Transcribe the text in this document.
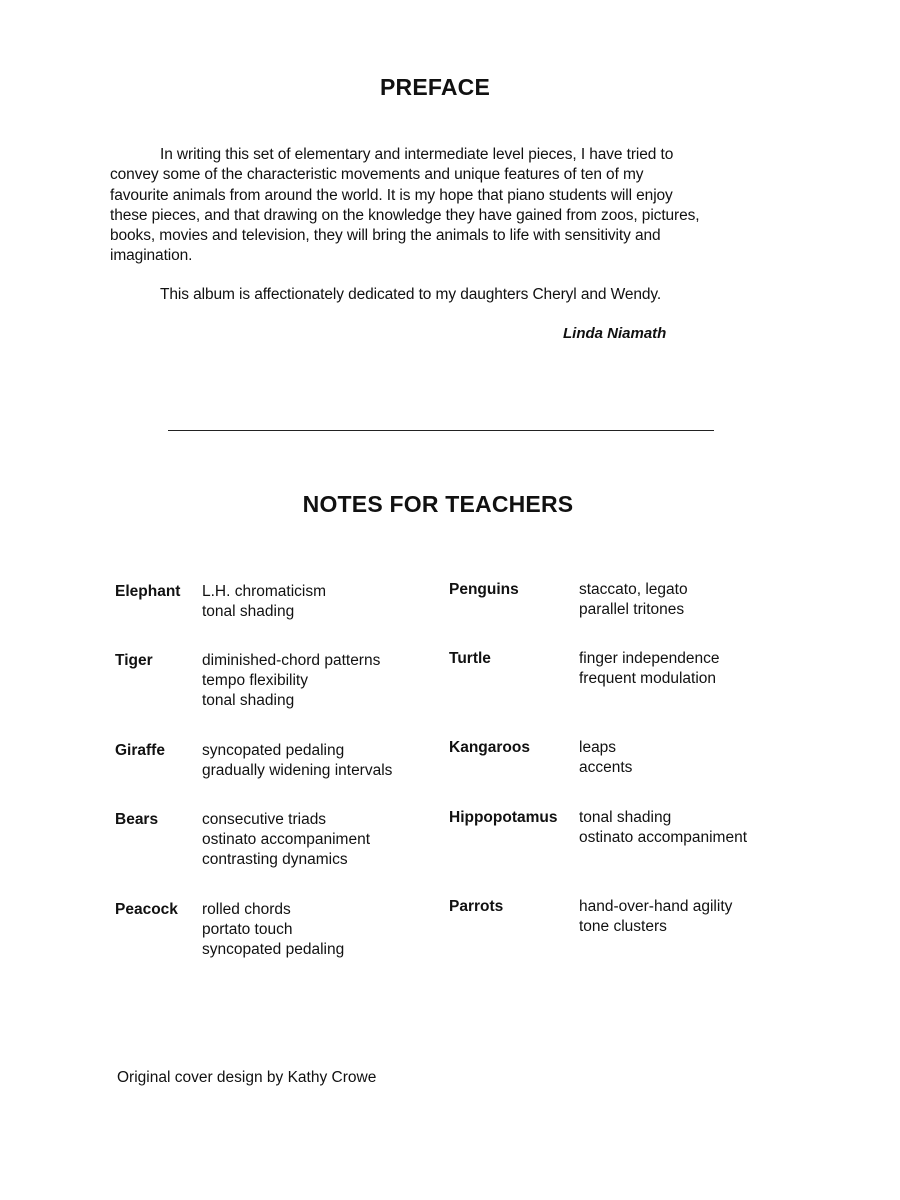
PREFACE
In writing this set of elementary and intermediate level pieces, I have tried to
convey some of the characteristic movements and unique features of ten of my
favourite animals from around the world. It is my hope that piano students will enjoy
these pieces, and that drawing on the knowledge they have gained from zoos, pictures,
books, movies and television, they will bring the animals to life with sensitivity and
imagination.
This album is affectionately dedicated to my daughters Cheryl and Wendy.
Linda Niamath
NOTES FOR TEACHERS
Elephant L.H. chromaticism
tonal shading
Tiger	diminished-chord patterns
tempo flexibility
tonal shading
Giraffe syncopated pedaling
gradually widening intervals
Bears	consecutive triads
ostinato accompaniment
contrasting dynamics
Peacock rolled chords
portato touch
syncopated pedaling
Penguins	staccato, legato
parallel tritones
Turtle	finger independence
frequent modulation
Kangaroos	leaps
accents
Hippopotamus tonal shading
ostinato accompaniment
Parrots	hand-over-hand agility
tone clusters
Original cover design by Kathy Crowe
